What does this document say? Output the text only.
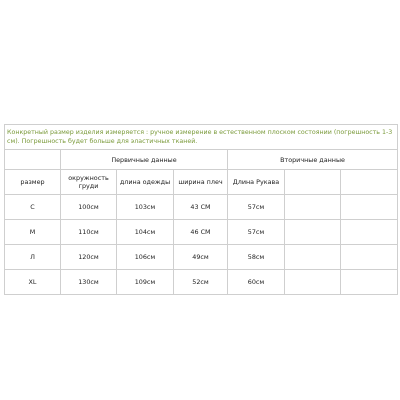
Конкретный размер изделия измеряется : ручное измерение в естественном плоском состоянии (погрешность 1-3 см). Погрешность будет больше для эластичных тканей.						
	Первичные данные			Вторичные данные		
размер	окружность груди	длина одежды	ширина плеч	Длина Рукава		
С	100см	103см	43 СМ	57см		
М	110см	104см	46 СМ	57см		
Л	120см	106см	49см	58см		
XL	130см	109см	52см	60см		
